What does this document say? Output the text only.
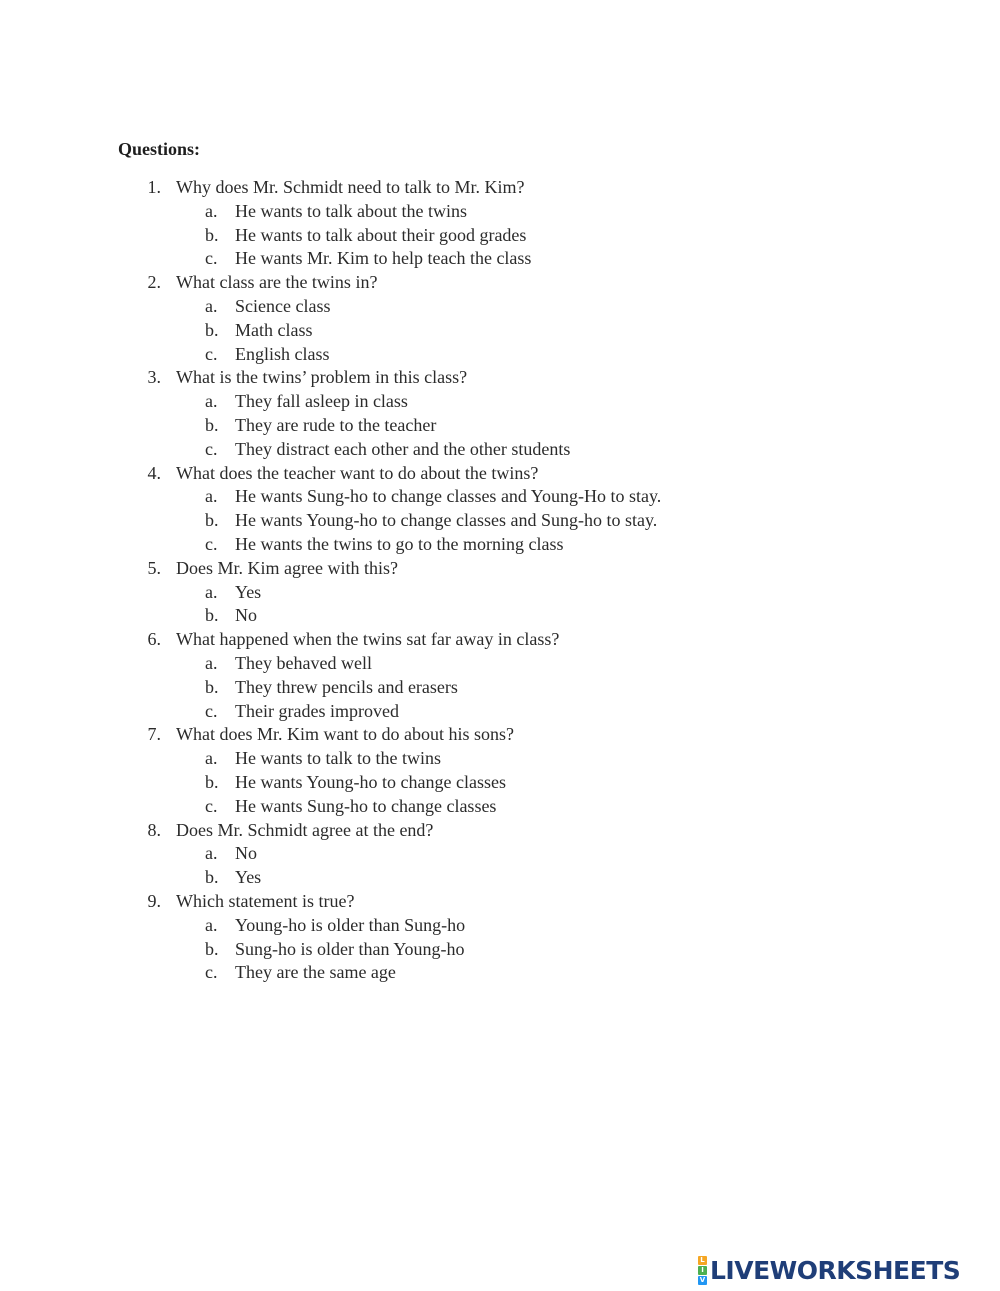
Questions:
1. Why does Mr. Schmidt need to talk to Mr. Kim?
a. He wants to talk about the twins
b. He wants to talk about their good grades
c. He wants Mr. Kim to help teach the class
2. What class are the twins in?
a. Science class
b. Math class
c. English class
3. What is the twins’ problem in this class?
a. They fall asleep in class
b. They are rude to the teacher
c. They distract each other and the other students
4. What does the teacher want to do about the twins?
a. He wants Sung-ho to change classes and Young-Ho to stay.
b. He wants Young-ho to change classes and Sung-ho to stay.
c. He wants the twins to go to the morning class
5. Does Mr. Kim agree with this?
a. Yes
b. No
6. What happened when the twins sat far away in class?
a. They behaved well
b. They threw pencils and erasers
c. Their grades improved
7. What does Mr. Kim want to do about his sons?
a. He wants to talk to the twins
b. He wants Young-ho to change classes
c. He wants Sung-ho to change classes
8. Does Mr. Schmidt agree at the end?
a. No
b. Yes
9. Which statement is true?
a. Young-ho is older than Sung-ho
b. Sung-ho is older than Young-ho
c. They are the same age
L
I
V LIVEWORKSHEETS
